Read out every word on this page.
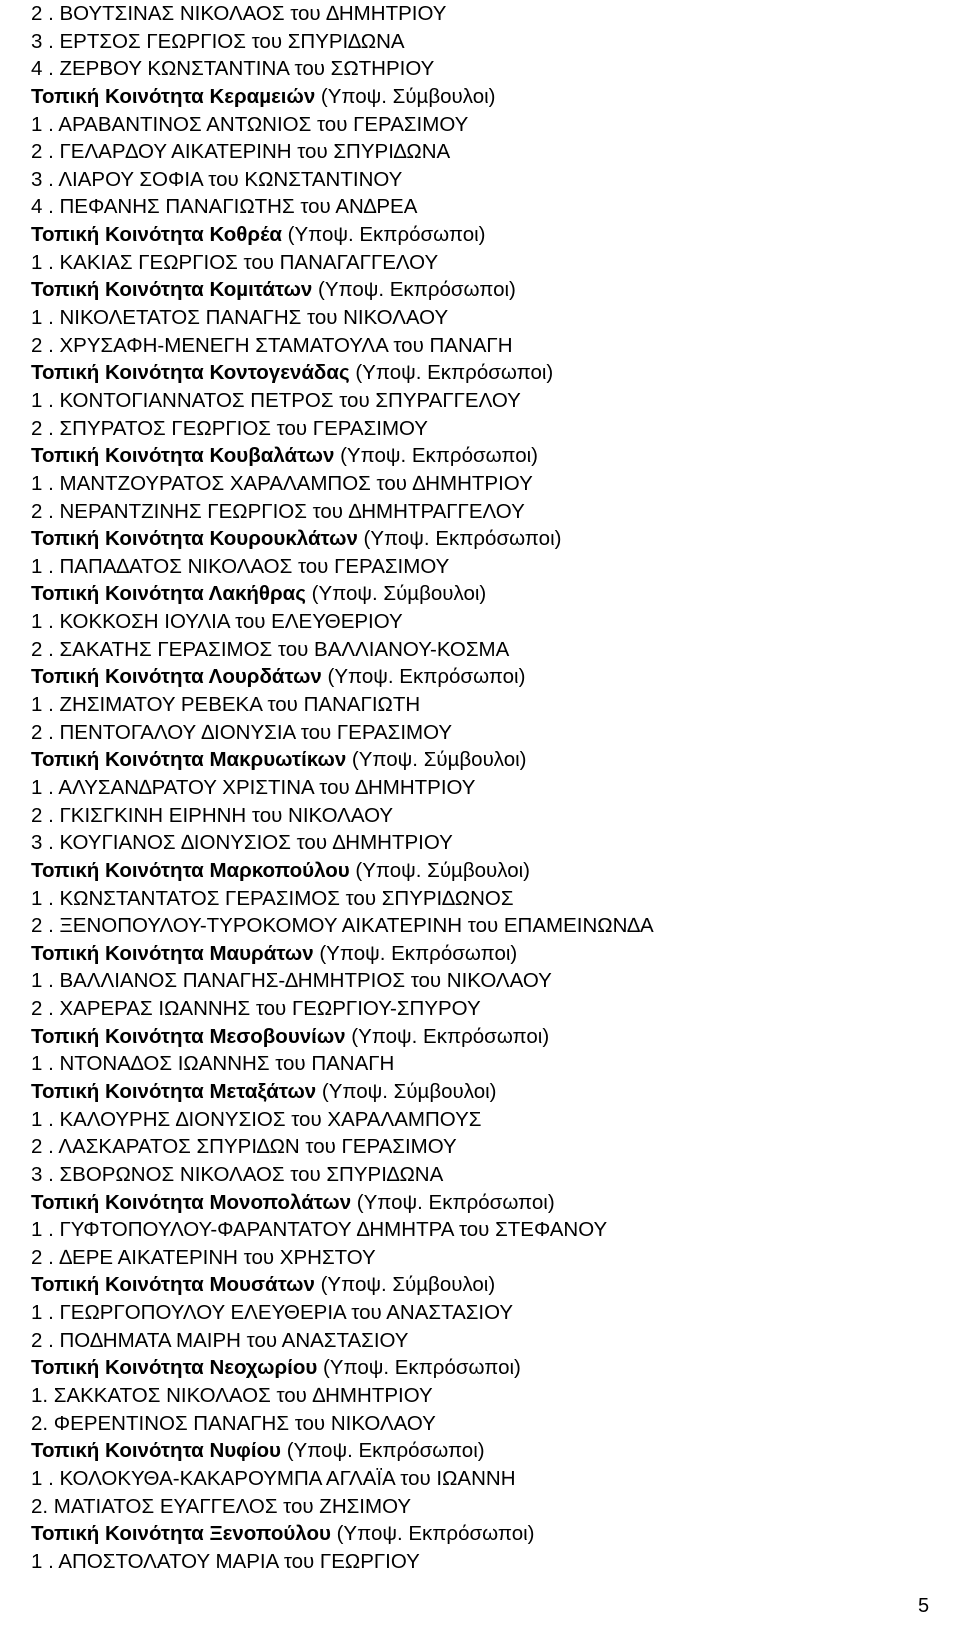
2 . ΒΟΥΤΣΙΝΑΣ ΝΙΚΟΛΑΟΣ του ∆ΗΜΗΤΡΙΟΥ
3 . ΕΡΤΣΟΣ ΓΕΩΡΓΙΟΣ του ΣΠΥΡΙ∆ΩΝΑ
4 . ΖΕΡΒΟΥ ΚΩΝΣΤΑΝΤΙΝΑ του ΣΩΤΗΡΙΟΥ
Τοπική Κοινότητα Κεραµειών (Υποψ. Σύµβουλοι)
1 . ΑΡΑΒΑΝΤΙΝΟΣ ΑΝΤΩΝΙΟΣ του ΓΕΡΑΣΙΜΟΥ
2 . ΓΕΛΑΡ∆ΟΥ ΑΙΚΑΤΕΡΙΝΗ του ΣΠΥΡΙ∆ΩΝΑ
3 . ΛΙΑΡΟΥ ΣΟΦΙΑ του ΚΩΝΣΤΑΝΤΙΝΟΥ
4 . ΠΕΦΑΝΗΣ ΠΑΝΑΓΙΩΤΗΣ του ΑΝ∆ΡΕΑ
Τοπική Κοινότητα Κοθρέα (Υποψ. Εκπρόσωποι)
1 . ΚΑΚΙΑΣ ΓΕΩΡΓΙΟΣ του ΠΑΝΑΓΑΓΓΕΛΟΥ
Τοπική Κοινότητα Κοµιτάτων (Υποψ. Εκπρόσωποι)
1 . ΝΙΚΟΛΕΤΑΤΟΣ ΠΑΝΑΓΗΣ του ΝΙΚΟΛΑΟΥ
2 . ΧΡΥΣΑΦΗ-ΜΕΝΕΓΗ ΣΤΑΜΑΤΟΥΛΑ του ΠΑΝΑΓΗ
Τοπική Κοινότητα Κοντογενάδας (Υποψ. Εκπρόσωποι)
1 . ΚΟΝΤΟΓΙΑΝΝΑΤΟΣ ΠΕΤΡΟΣ του ΣΠΥΡΑΓΓΕΛΟΥ
2 . ΣΠΥΡΑΤΟΣ ΓΕΩΡΓΙΟΣ του ΓΕΡΑΣΙΜΟΥ
Τοπική Κοινότητα Κουβαλάτων (Υποψ. Εκπρόσωποι)
1 . ΜΑΝΤΖΟΥΡΑΤΟΣ ΧΑΡΑΛΑΜΠΟΣ του ∆ΗΜΗΤΡΙΟΥ
2 . ΝΕΡΑΝΤΖΙΝΗΣ ΓΕΩΡΓΙΟΣ του ∆ΗΜΗΤΡΑΓΓΕΛΟΥ
Τοπική Κοινότητα Κουρουκλάτων (Υποψ. Εκπρόσωποι)
1 . ΠΑΠΑ∆ΑΤΟΣ ΝΙΚΟΛΑΟΣ του ΓΕΡΑΣΙΜΟΥ
Τοπική Κοινότητα Λακήθρας (Υποψ. Σύµβουλοι)
1 . ΚΟΚΚΟΣΗ ΙΟΥΛΙΑ του ΕΛΕΥΘΕΡΙΟΥ
2 . ΣΑΚΑΤΗΣ ΓΕΡΑΣΙΜΟΣ του ΒΑΛΛΙΑΝΟΥ-ΚΟΣΜΑ
Τοπική Κοινότητα Λουρδάτων (Υποψ. Εκπρόσωποι)
1 . ΖΗΣΙΜΑΤΟΥ ΡΕΒΕΚΑ του ΠΑΝΑΓΙΩΤΗ
2 . ΠΕΝΤΟΓΑΛΟΥ ∆ΙΟΝΥΣΙΑ του ΓΕΡΑΣΙΜΟΥ
Τοπική Κοινότητα Μακρυωτίκων (Υποψ. Σύµβουλοι)
1 . ΑΛΥΣΑΝ∆ΡΑΤΟΥ ΧΡΙΣΤΙΝΑ του ∆ΗΜΗΤΡΙΟΥ
2 . ΓΚΙΣΓΚΙΝΗ ΕΙΡΗΝΗ του ΝΙΚΟΛΑΟΥ
3 . ΚΟΥΓΙΑΝΟΣ ∆ΙΟΝΥΣΙΟΣ του ∆ΗΜΗΤΡΙΟΥ
Τοπική Κοινότητα Μαρκοπούλου (Υποψ. Σύµβουλοι)
1 . ΚΩΝΣΤΑΝΤΑΤΟΣ ΓΕΡΑΣΙΜΟΣ του ΣΠΥΡΙ∆ΩΝΟΣ
2 . ΞΕΝΟΠΟΥΛΟΥ-ΤΥΡΟΚΟΜΟΥ ΑΙΚΑΤΕΡΙΝΗ του ΕΠΑΜΕΙΝΩΝ∆Α
Τοπική Κοινότητα Μαυράτων (Υποψ. Εκπρόσωποι)
1 . ΒΑΛΛΙΑΝΟΣ ΠΑΝΑΓΗΣ-∆ΗΜΗΤΡΙΟΣ του ΝΙΚΟΛΑΟΥ
2 . ΧΑΡΕΡΑΣ ΙΩΑΝΝΗΣ του ΓΕΩΡΓΙΟΥ-ΣΠΥΡΟΥ
Τοπική Κοινότητα Μεσοβουνίων (Υποψ. Εκπρόσωποι)
1 . ΝΤΟΝΑ∆ΟΣ ΙΩΑΝΝΗΣ του ΠΑΝΑΓΗ
Τοπική Κοινότητα Μεταξάτων (Υποψ. Σύµβουλοι)
1 . ΚΑΛΟΥΡΗΣ ∆ΙΟΝΥΣΙΟΣ του ΧΑΡΑΛΑΜΠΟΥΣ
2 . ΛΑΣΚΑΡΑΤΟΣ ΣΠΥΡΙ∆ΩΝ του ΓΕΡΑΣΙΜΟΥ
3 . ΣΒΟΡΩΝΟΣ ΝΙΚΟΛΑΟΣ του ΣΠΥΡΙ∆ΩΝΑ
Τοπική Κοινότητα Μονοπολάτων (Υποψ. Εκπρόσωποι)
1 . ΓΥΦΤΟΠΟΥΛΟΥ-ΦΑΡΑΝΤΑΤΟΥ ∆ΗΜΗΤΡΑ του ΣΤΕΦΑΝΟΥ
2 . ∆ΕΡΕ ΑΙΚΑΤΕΡΙΝΗ του ΧΡΗΣΤΟΥ
Τοπική Κοινότητα Μουσάτων (Υποψ. Σύµβουλοι)
1 . ΓΕΩΡΓΟΠΟΥΛΟΥ ΕΛΕΥΘΕΡΙΑ του ΑΝΑΣΤΑΣΙΟΥ
2 . ΠΟ∆ΗΜΑΤΑ ΜΑΙΡΗ του ΑΝΑΣΤΑΣΙΟΥ
Τοπική Κοινότητα Νεοχωρίου (Υποψ. Εκπρόσωποι)
1. ΣΑΚΚΑΤΟΣ ΝΙΚΟΛΑΟΣ του ∆ΗΜΗΤΡΙΟΥ
2. ΦΕΡΕΝΤΙΝΟΣ ΠΑΝΑΓΗΣ του ΝΙΚΟΛΑΟΥ
Τοπική Κοινότητα Νυφίου (Υποψ. Εκπρόσωποι)
1 . ΚΟΛΟΚΥΘΑ-ΚΑΚΑΡΟΥΜΠΑ ΑΓΛΑΪΑ του ΙΩΑΝΝΗ
2. ΜΑΤΙΑΤΟΣ ΕΥΑΓΓΕΛΟΣ του ΖΗΣΙΜΟΥ
Τοπική Κοινότητα Ξενοπούλου (Υποψ. Εκπρόσωποι)
1 . ΑΠΟΣΤΟΛΑΤΟΥ ΜΑΡΙΑ του ΓΕΩΡΓΙΟΥ
5
